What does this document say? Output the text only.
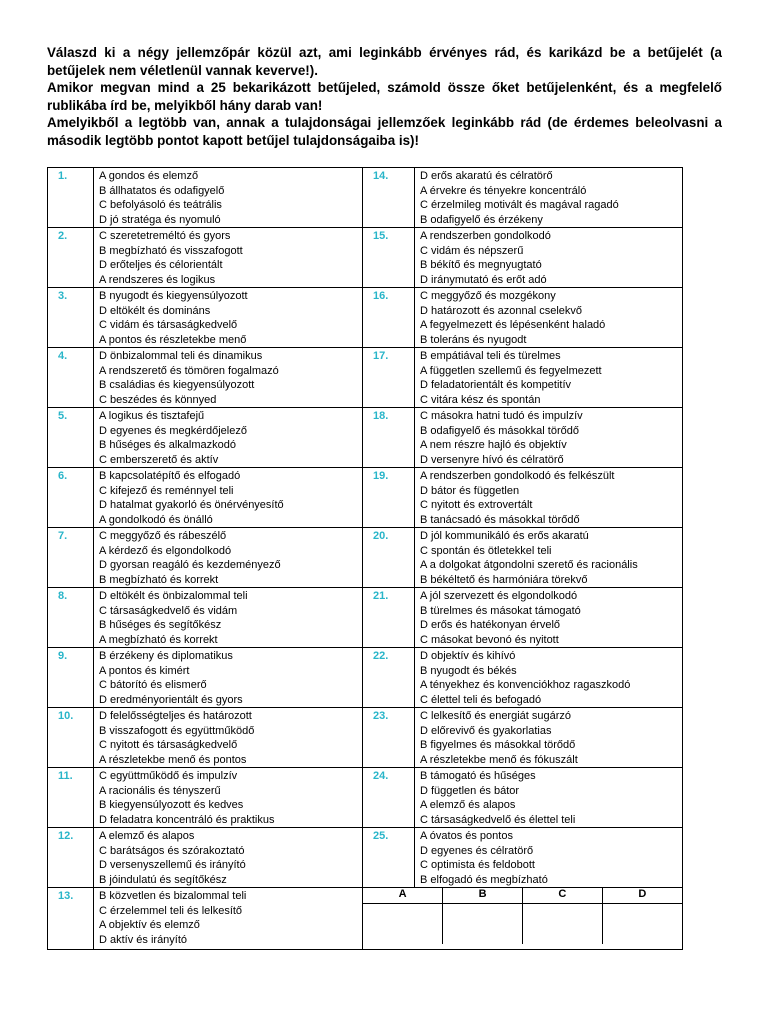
Válaszd ki a négy jellemzőpár közül azt, ami leginkább érvényes rád, és karikázd be a betűjelét (a betűjelek nem véletlenül vannak keverve!).

Amikor megvan mind a 25 bekarikázott betűjeled, számold össze őket betűjelenként, és a megfelelő rublikába írd be, melyikből hány darab van!

Amelyikből a legtöbb van, annak a tulajdonságai jellemzőek leginkább rád (de érdemes beleolvasni a második legtöbb pontot kapott betűjel tulajdonságaiba is)!

1.	A gondos és elemző
B állhatatos és odafigyelő
C befolyásoló és teátrális
D jó stratéga és nyomuló
	14.	D erős akaratú és célratörő
A érvekre és tényekre koncentráló
C érzelmileg motivált és magával ragadó
B odafigyelő és érzékeny

2.	C szeretetreméltó és gyors
B megbízható és visszafogott
D erőteljes és célorientált
A rendszeres és logikus
	15.	A rendszerben gondolkodó
C vidám és népszerű
B békítő és megnyugtató
D iránymutató és erőt adó

3.	B nyugodt és kiegyensúlyozott
D eltökélt és domináns
C vidám és társaságkedvelő
A pontos és részletekbe menő
	16.	C meggyőző és mozgékony
D határozott és azonnal cselekvő
A fegyelmezett és lépésenként haladó
B toleráns és nyugodt

4.	D önbizalommal teli és dinamikus
A rendszerető és tömören fogalmazó
B családias és kiegyensúlyozott
C beszédes és könnyed
	17.	B empátiával teli és türelmes
A független szellemű és fegyelmezett
D feladatorientált és kompetitív
C vitára kész és spontán

5.	A logikus és tisztafejű
D egyenes és megkérdőjelező
B hűséges és alkalmazkodó
C emberszerető és aktív
	18.	C másokra hatni tudó és impulzív
B odafigyelő és másokkal törődő
A nem részre hajló és objektív
D versenyre hívó és célratörő

6.	B kapcsolatépítő és elfogadó
C kifejező és reménnyel teli
D hatalmat gyakorló és önérvényesítő
A gondolkodó és önálló
	19.	A rendszerben gondolkodó és felkészült
D bátor és független
C nyitott és extrovertált
B tanácsadó és másokkal törődő

7.	C meggyőző és rábeszélő
A kérdező és elgondolkodó
D gyorsan reagáló és kezdeményező
B megbízható és korrekt
	20.	D jól kommunikáló és erős akaratú
C spontán és ötletekkel teli
A a dolgokat átgondolni szerető és racionális
B békéltető és harmóniára törekvő

8.	D eltökélt és önbizalommal teli
C társaságkedvelő és vidám
B hűséges és segítőkész
A megbízható és korrekt
	21.	A jól szervezett és elgondolkodó
B türelmes és másokat támogató
D erős és hatékonyan érvelő
C másokat bevonó és nyitott

9.	B érzékeny és diplomatikus
A pontos és kimért
C bátorító és elismerő
D eredményorientált és gyors
	22.	D objektív és kihívó
B nyugodt és békés
A tényekhez és konvenciókhoz ragaszkodó
C élettel teli és befogadó

10.	D felelősségteljes és határozott
B visszafogott és együttműködő
C nyitott és társaságkedvelő
A részletekbe menő és pontos
	23.	C lelkesítő és energiát sugárzó
D előrevivő és gyakorlatias
B figyelmes és másokkal törődő
A részletekbe menő és fókuszált

11.	C együttműködő és impulzív
A racionális és tényszerű
B kiegyensúlyozott és kedves
D feladatra koncentráló és praktikus
	24.	B támogató és hűséges
D független és bátor
A elemző és alapos
C társaságkedvelő és élettel teli

12.	A elemző és alapos
C barátságos és szórakoztató
D versenyszellemű és irányító
B jóindulatú és segítőkész
	25.	A óvatos és pontos
D egyenes és célratörő
C optimista és feldobott
B elfogadó és megbízható

13.	B közvetlen és bizalommal teli
C érzelemmel teli és lelkesítő
A objektív és elemző
D aktív és irányító

A	B	C	D
